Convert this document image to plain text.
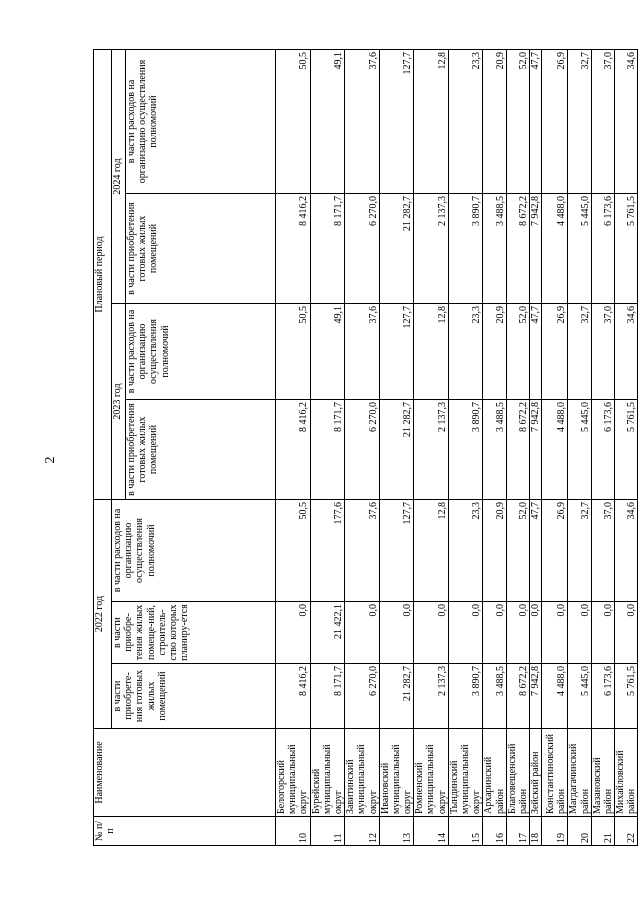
2
№ п/п	Наименование	2022 год			Плановый период			
		в части приобрете-ния готовых жилых помещений	в части приобре-тения жилых помеще-ний, строитель-ство которых планиру-ется	в части расходов на организацию осуществления полномочий	2023 год		2024 год	
					в части приобретения готовых жилых помещений	в части расходов на организацию осуществления полномочий	в части приобретения готовых жилых помещений	в части расходов на организацию осуществления полномочий
10	Белогорский муниципальный округ	8 416,2	0,0	50,5	8 416,2	50,5	8 416,2	50,5
11	Бурейский муниципальный округ	8 171,7	21 422,1	177,6	8 171,7	49,1	8 171,7	49,1
12	Завитинский муниципальный округ	6 270,0	0,0	37,6	6 270,0	37,6	6 270,0	37,6
13	Ивановский муниципальный округ	21 282,7	0,0	127,7	21 282,7	127,7	21 282,7	127,7
14	Ромненский муниципальный округ	2 137,3	0,0	12,8	2 137,3	12,8	2 137,3	12,8
15	Тындинский муниципальный округ	3 890,7	0,0	23,3	3 890,7	23,3	3 890,7	23,3
16	Архаринский район	3 488,5	0,0	20,9	3 488,5	20,9	3 488,5	20,9
17	Благовещенский район	8 672,2	0,0	52,0	8 672,2	52,0	8 672,2	52,0
18	Зейский район	7 942,8	0,0	47,7	7 942,8	47,7	7 942,8	47,7
19	Константиновский район	4 488,0	0,0	26,9	4 488,0	26,9	4 488,0	26,9
20	Магдагачинский район	5 445,0	0,0	32,7	5 445,0	32,7	5 445,0	32,7
21	Мазановский район	6 173,6	0,0	37,0	6 173,6	37,0	6 173,6	37,0
22	Михайловский район	5 761,5	0,0	34,6	5 761,5	34,6	5 761,5	34,6
